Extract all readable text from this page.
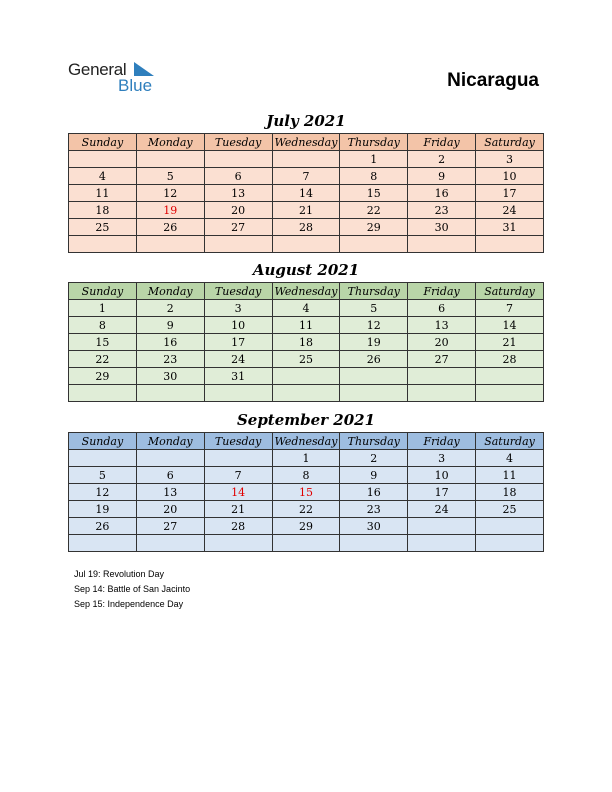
General
Blue	Nicaragua
July 2021
Sunday	Monday	Tuesday	Wednesday	Thursday	Friday	Saturday
				1	2	3
4	5	6	7	8	9	10
11	12	13	14	15	16	17
18	19	20	21	22	23	24
25	26	27	28	29	30	31

August 2021
Sunday	Monday	Tuesday	Wednesday	Thursday	Friday	Saturday
1	2	3	4	5	6	7
8	9	10	11	12	13	14
15	16	17	18	19	20	21
22	23	24	25	26	27	28
29	30	31				

September 2021
Sunday	Monday	Tuesday	Wednesday	Thursday	Friday	Saturday
			1	2	3	4
5	6	7	8	9	10	11
12	13	14	15	16	17	18
19	20	21	22	23	24	25
26	27	28	29	30		

Jul 19: Revolution Day
Sep 14: Battle of San Jacinto
Sep 15: Independence Day
